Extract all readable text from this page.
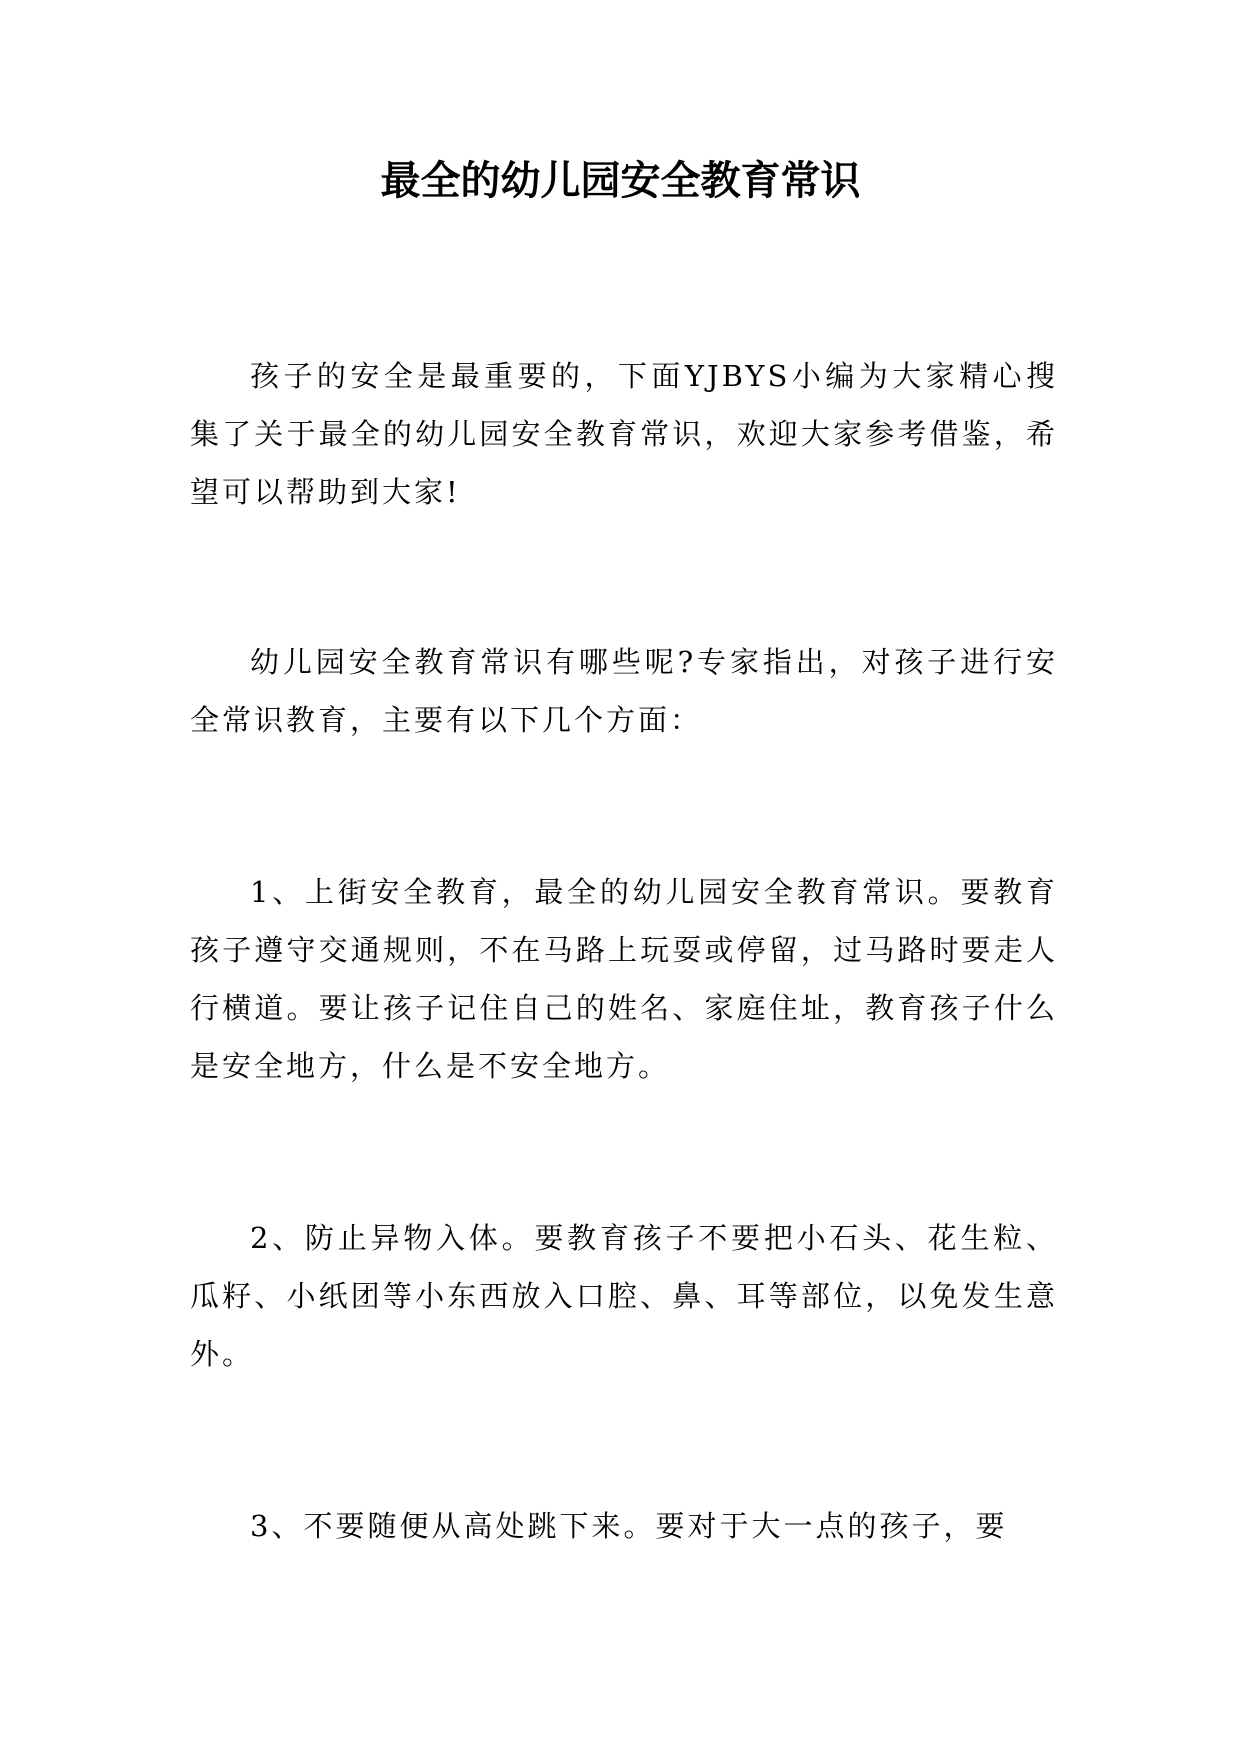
最全的幼儿园安全教育常识

孩子的安全是最重要的，下面YJBYS小编为大家精心搜集了关于最全的幼儿园安全教育常识，欢迎大家参考借鉴，希望可以帮助到大家!

幼儿园安全教育常识有哪些呢?专家指出，对孩子进行安全常识教育，主要有以下几个方面：

1、上街安全教育，最全的幼儿园安全教育常识。要教育孩子遵守交通规则，不在马路上玩耍或停留，过马路时要走人行横道。要让孩子记住自己的姓名、家庭住址，教育孩子什么是安全地方，什么是不安全地方。

2、防止异物入体。要教育孩子不要把小石头、花生粒、瓜籽、小纸团等小东西放入口腔、鼻、耳等部位，以免发生意外。

3、不要随便从高处跳下来。要对于大一点的孩子，要
